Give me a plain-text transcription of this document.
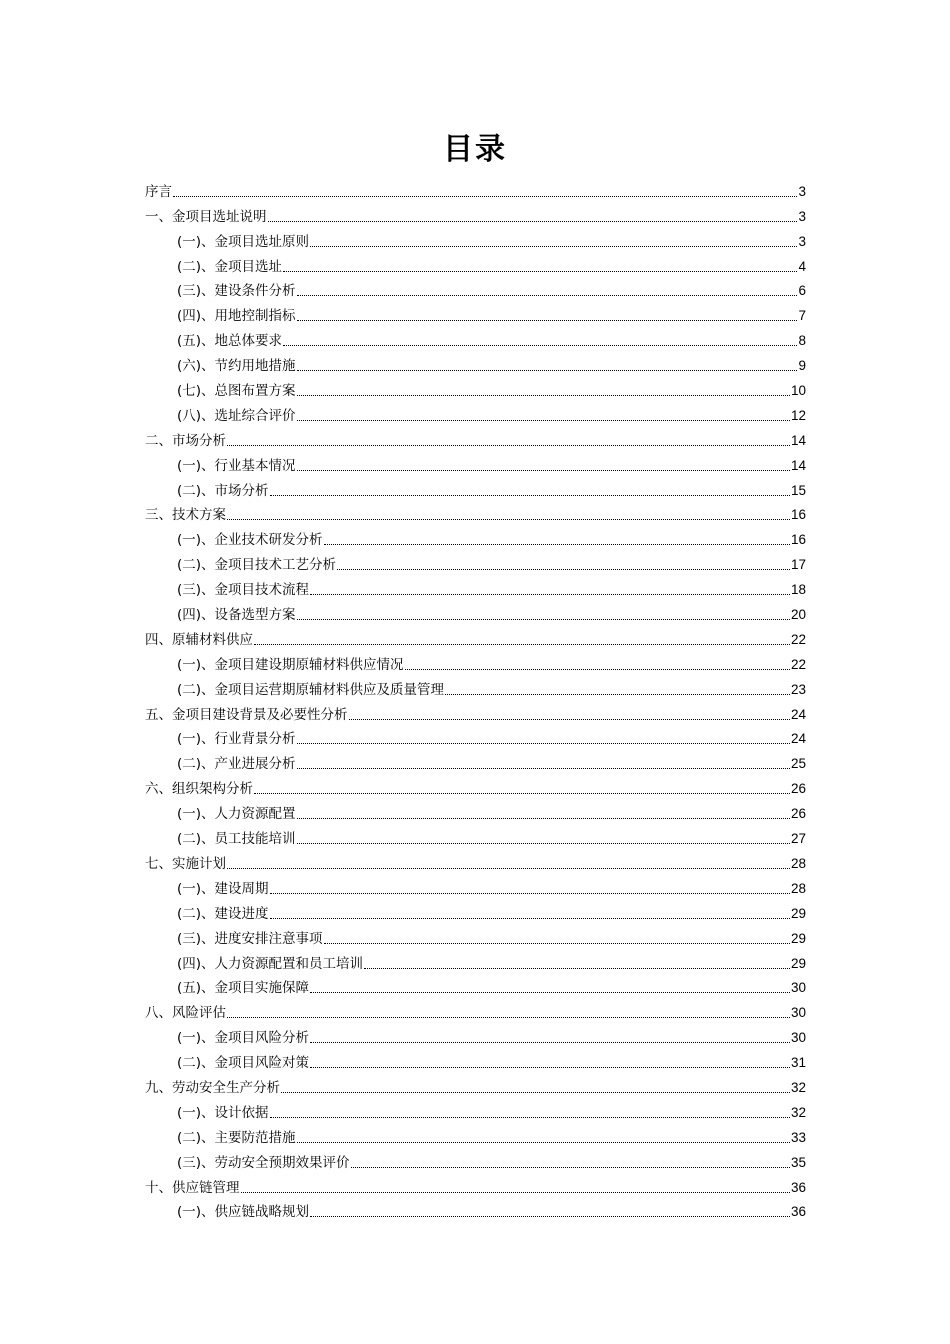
目录
序言	3
一、金项目选址说明	3
(一)、金项目选址原则	3
(二)、金项目选址	4
(三)、建设条件分析	6
(四)、用地控制指标	7
(五)、地总体要求	8
(六)、节约用地措施	9
(七)、总图布置方案	10
(八)、选址综合评价	12
二、市场分析	14
(一)、行业基本情况	14
(二)、市场分析	15
三、技术方案	16
(一)、企业技术研发分析	16
(二)、金项目技术工艺分析	17
(三)、金项目技术流程	18
(四)、设备选型方案	20
四、原辅材料供应	22
(一)、金项目建设期原辅材料供应情况	22
(二)、金项目运营期原辅材料供应及质量管理	23
五、金项目建设背景及必要性分析	24
(一)、行业背景分析	24
(二)、产业进展分析	25
六、组织架构分析	26
(一)、人力资源配置	26
(二)、员工技能培训	27
七、实施计划	28
(一)、建设周期	28
(二)、建设进度	29
(三)、进度安排注意事项	29
(四)、人力资源配置和员工培训	29
(五)、金项目实施保障	30
八、风险评估	30
(一)、金项目风险分析	30
(二)、金项目风险对策	31
九、劳动安全生产分析	32
(一)、设计依据	32
(二)、主要防范措施	33
(三)、劳动安全预期效果评价	35
十、供应链管理	36
(一)、供应链战略规划	36
